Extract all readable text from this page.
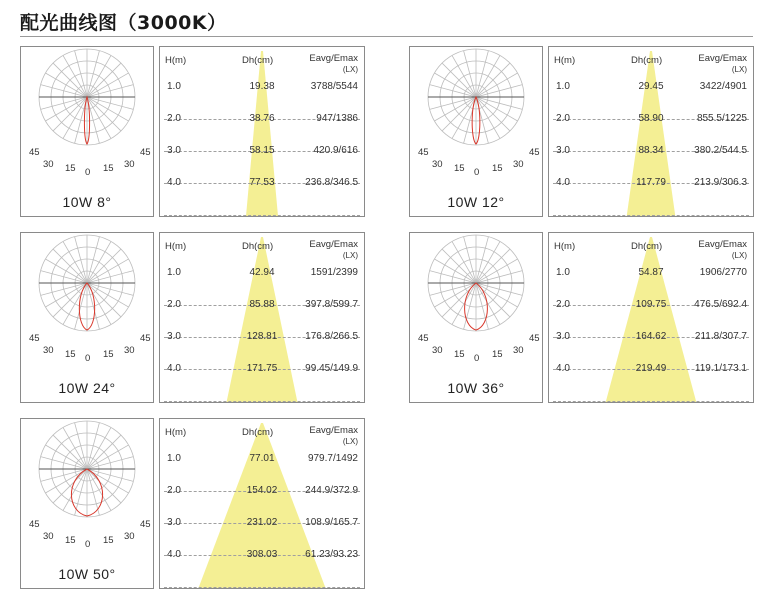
配光曲线图（3000K）
45
30 15 0 15 30
45
10W 8°
H(m)	Dh(cm)	Eavg/Emax
(LX)
1.0	19.38	3788/5544
2.0	38.76	947/1386
3.0	58.15	420.9/616
4.0	77.53	236.8/346.5
45
30 15 0 15 30
45
10W 12°
H(m)	Dh(cm)	Eavg/Emax
(LX)
1.0	29.45	3422/4901
2.0	58.90	855.5/1225
3.0	88.34	380.2/544.5
4.0	117.79	213.9/306.3
45
30 15 0 15 30
45
10W 24°
H(m)	Dh(cm)	Eavg/Emax
(LX)
1.0	42.94	1591/2399
2.0	85.88	397.8/599.7
3.0	128.81	176.8/266.5
4.0	171.75	99.45/149.9
45
30 15 0 15 30
45
10W 36°
H(m)	Dh(cm)	Eavg/Emax
(LX)
1.0	54.87	1906/2770
2.0	109.75	476.5/692.4
3.0	164.62	211.8/307.7
4.0	219.49	119.1/173.1
45
30 15 0 15 30
45
10W 50°
H(m)	Dh(cm)	Eavg/Emax
(LX)
1.0	77.01	979.7/1492
2.0	154.02	244.9/372.9
3.0	231.02	108.9/165.7
4.0	308.03	61.23/93.23
